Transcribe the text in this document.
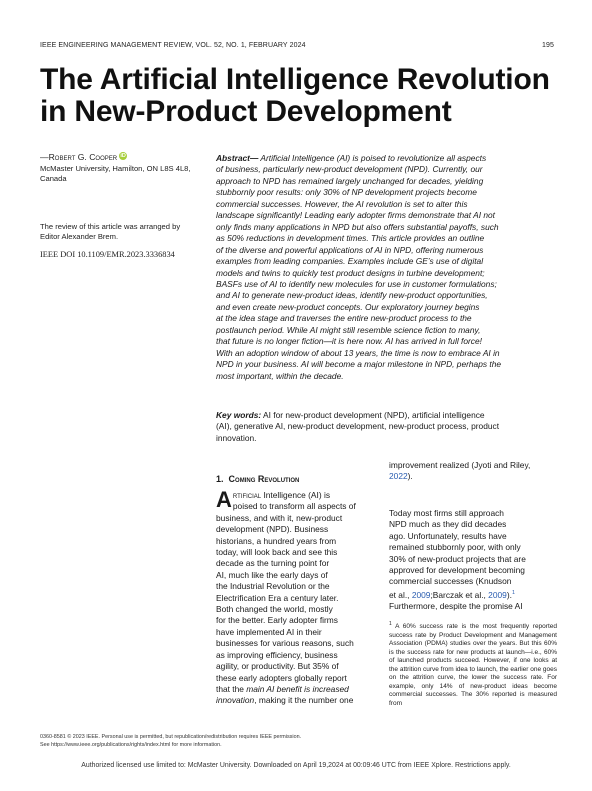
IEEE ENGINEERING MANAGEMENT REVIEW, VOL. 52, NO. 1, FEBRUARY 2024	195
The Artificial Intelligence Revolution
in New-Product Development
—Robert G. Cooper iD
McMaster University, Hamilton, ON L8S 4L8,
Canada
The review of this article was arranged by
Editor Alexander Brem.
IEEE DOI 10.1109/EMR.2023.3336834
Abstract— Artificial Intelligence (AI) is poised to revolutionize all aspects
of business, particularly new-product development (NPD). Currently, our
approach to NPD has remained largely unchanged for decades, yielding
stubbornly poor results: only 30% of NP development projects become
commercial successes. However, the AI revolution is set to alter this
landscape significantly! Leading early adopter firms demonstrate that AI not
only finds many applications in NPD but also offers substantial payoffs, such
as 50% reductions in development times. This article provides an outline
of the diverse and powerful applications of AI in NPD, offering numerous
examples from leading companies. Examples include GE’s use of digital
models and twins to quickly test product designs in turbine development;
BASFs use of AI to identify new molecules for use in customer formulations;
and AI to generate new-product ideas, identify new-product opportunities,
and even create new-product concepts. Our exploratory journey begins
at the idea stage and traverses the entire new-product process to the
postlaunch period. While AI might still resemble science fiction to many,
that future is no longer fiction—it is here now. AI has arrived in full force!
With an adoption window of about 13 years, the time is now to embrace AI in
NPD in your business. AI will become a major milestone in NPD, perhaps the
most important, within the decade.
Key words: AI for new-product development (NPD), artificial intelligence
(AI), generative AI, new-product development, new-product process, product
innovation.
1. Coming Revolution
Artificial Intelligence (AI) is
poised to transform all aspects of
business, and with it, new-product
development (NPD). Business
historians, a hundred years from
today, will look back and see this
decade as the turning point for
AI, much like the early days of
the Industrial Revolution or the
Electrification Era a century later.
Both changed the world, mostly
for the better. Early adopter firms
have implemented AI in their
businesses for various reasons, such
as improving efficiency, business
agility, or productivity. But 35% of
these early adopters globally report
that the main AI benefit is increased
innovation, making it the number one
improvement realized (Jyoti and Riley,
2022).
Today most firms still approach
NPD much as they did decades
ago. Unfortunately, results have
remained stubbornly poor, with only
30% of new-product projects that are
approved for development becoming
commercial successes (Knudson
et al., 2009;Barczak et al., 2009).$^1$
Furthermore, despite the promise AI
$^1$ A 60% success rate is the most frequently reported success rate by Product Development and Management Association (PDMA) studies over the years. But this 60% is the success rate for new products at launch—i.e., 60% of launched products succeed. However, if one looks at the attrition curve from idea to launch, the earlier one goes on the attrition curve, the lower the success rate. For example, only 14% of new-product ideas become commercial successes. The 30% reported is measured from
0360-8581 © 2023 IEEE. Personal use is permitted, but republication/redistribution requires IEEE permission.
See https://www.ieee.org/publications/rights/index.html for more information.
Authorized licensed use limited to: McMaster University. Downloaded on April 19,2024 at 00:09:46 UTC from IEEE Xplore. Restrictions apply.
